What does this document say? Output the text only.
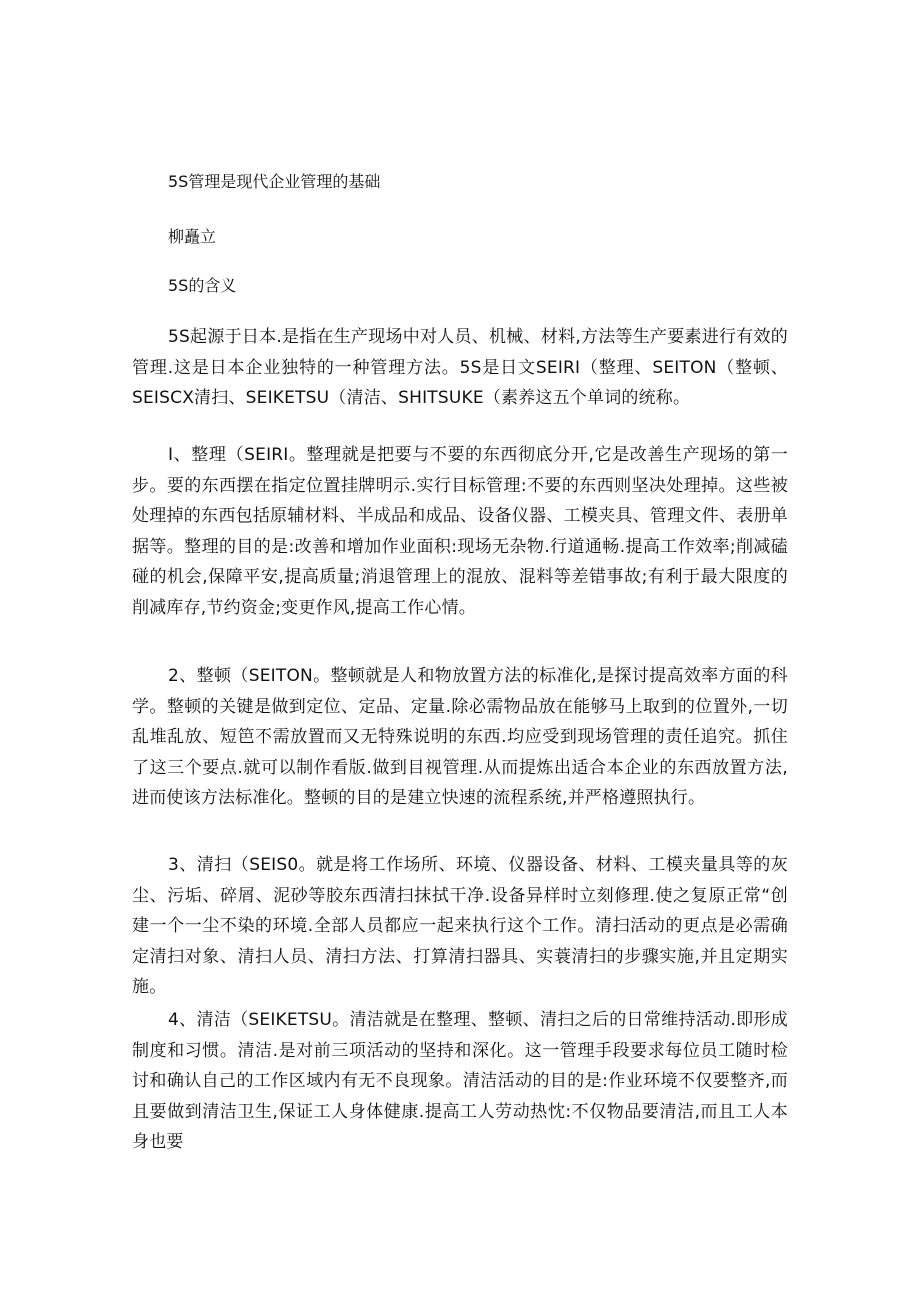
5S管理是现代企业管理的基础
柳矗立
5S的含义

5S起源于日本.是指在生产现场中对人员、机械、材料,方法等生产要素进行有效的管理.这是日本企业独特的一种管理方法。5S是日文SEIRI（整理、SEITON（整顿、SEISCX清扫、SEIKETSU（清洁、SHITSUKE（素养这五个单词的统称。

I、整理（SEIRI。整理就是把要与不要的东西彻底分开,它是改善生产现场的第一步。要的东西摆在指定位置挂牌明示.实行目标管理:不要的东西则坚决处理掉。这些被处理掉的东西包括原辅材料、半成品和成品、设备仪器、工模夹具、管理文件、表册单据等。整理的目的是:改善和增加作业面积:现场无杂物.行道通畅.提高工作效率;削减磕碰的机会,保障平安,提高质量;消退管理上的混放、混料等差错事故;有利于最大限度的削减库存,节约资金;变更作风,提高工作心情。

2、整顿（SEITON。整顿就是人和物放置方法的标准化,是探讨提高效率方面的科学。整顿的关键是做到定位、定品、定量.除必需物品放在能够马上取到的位置外,一切乱堆乱放、短笆不需放置而又无特殊说明的东西.均应受到现场管理的责任追究。抓住了这三个要点.就可以制作看版.做到目视管理.从而提炼出适合本企业的东西放置方法,进而使该方法标准化。整顿的目的是建立快速的流程系统,并严格遵照执行。

3、清扫（SEIS0。就是将工作场所、环境、仪器设备、材料、工模夹量具等的灰尘、污垢、碎屑、泥砂等胶东西清扫抹拭干净.设备异样时立刻修理.使之复原正常“创建一个一尘不染的环境.全部人员都应一起来执行这个工作。清扫活动的更点是必需确定清扫对象、清扫人员、清扫方法、打算清扫器具、实蓑清扫的步骤实施,并且定期实施。

4、清洁（SEIKETSU。清洁就是在整理、整顿、清扫之后的日常维持活动.即形成制度和习惯。清洁.是对前三项活动的坚持和深化。这一管理手段要求每位员工随时检讨和确认自己的工作区域内有无不良现象。清洁活动的目的是:作业环境不仅要整齐,而且要做到清洁卫生,保证工人身体健康.提高工人劳动热忱:不仅物品要清洁,而且工人本身也要
